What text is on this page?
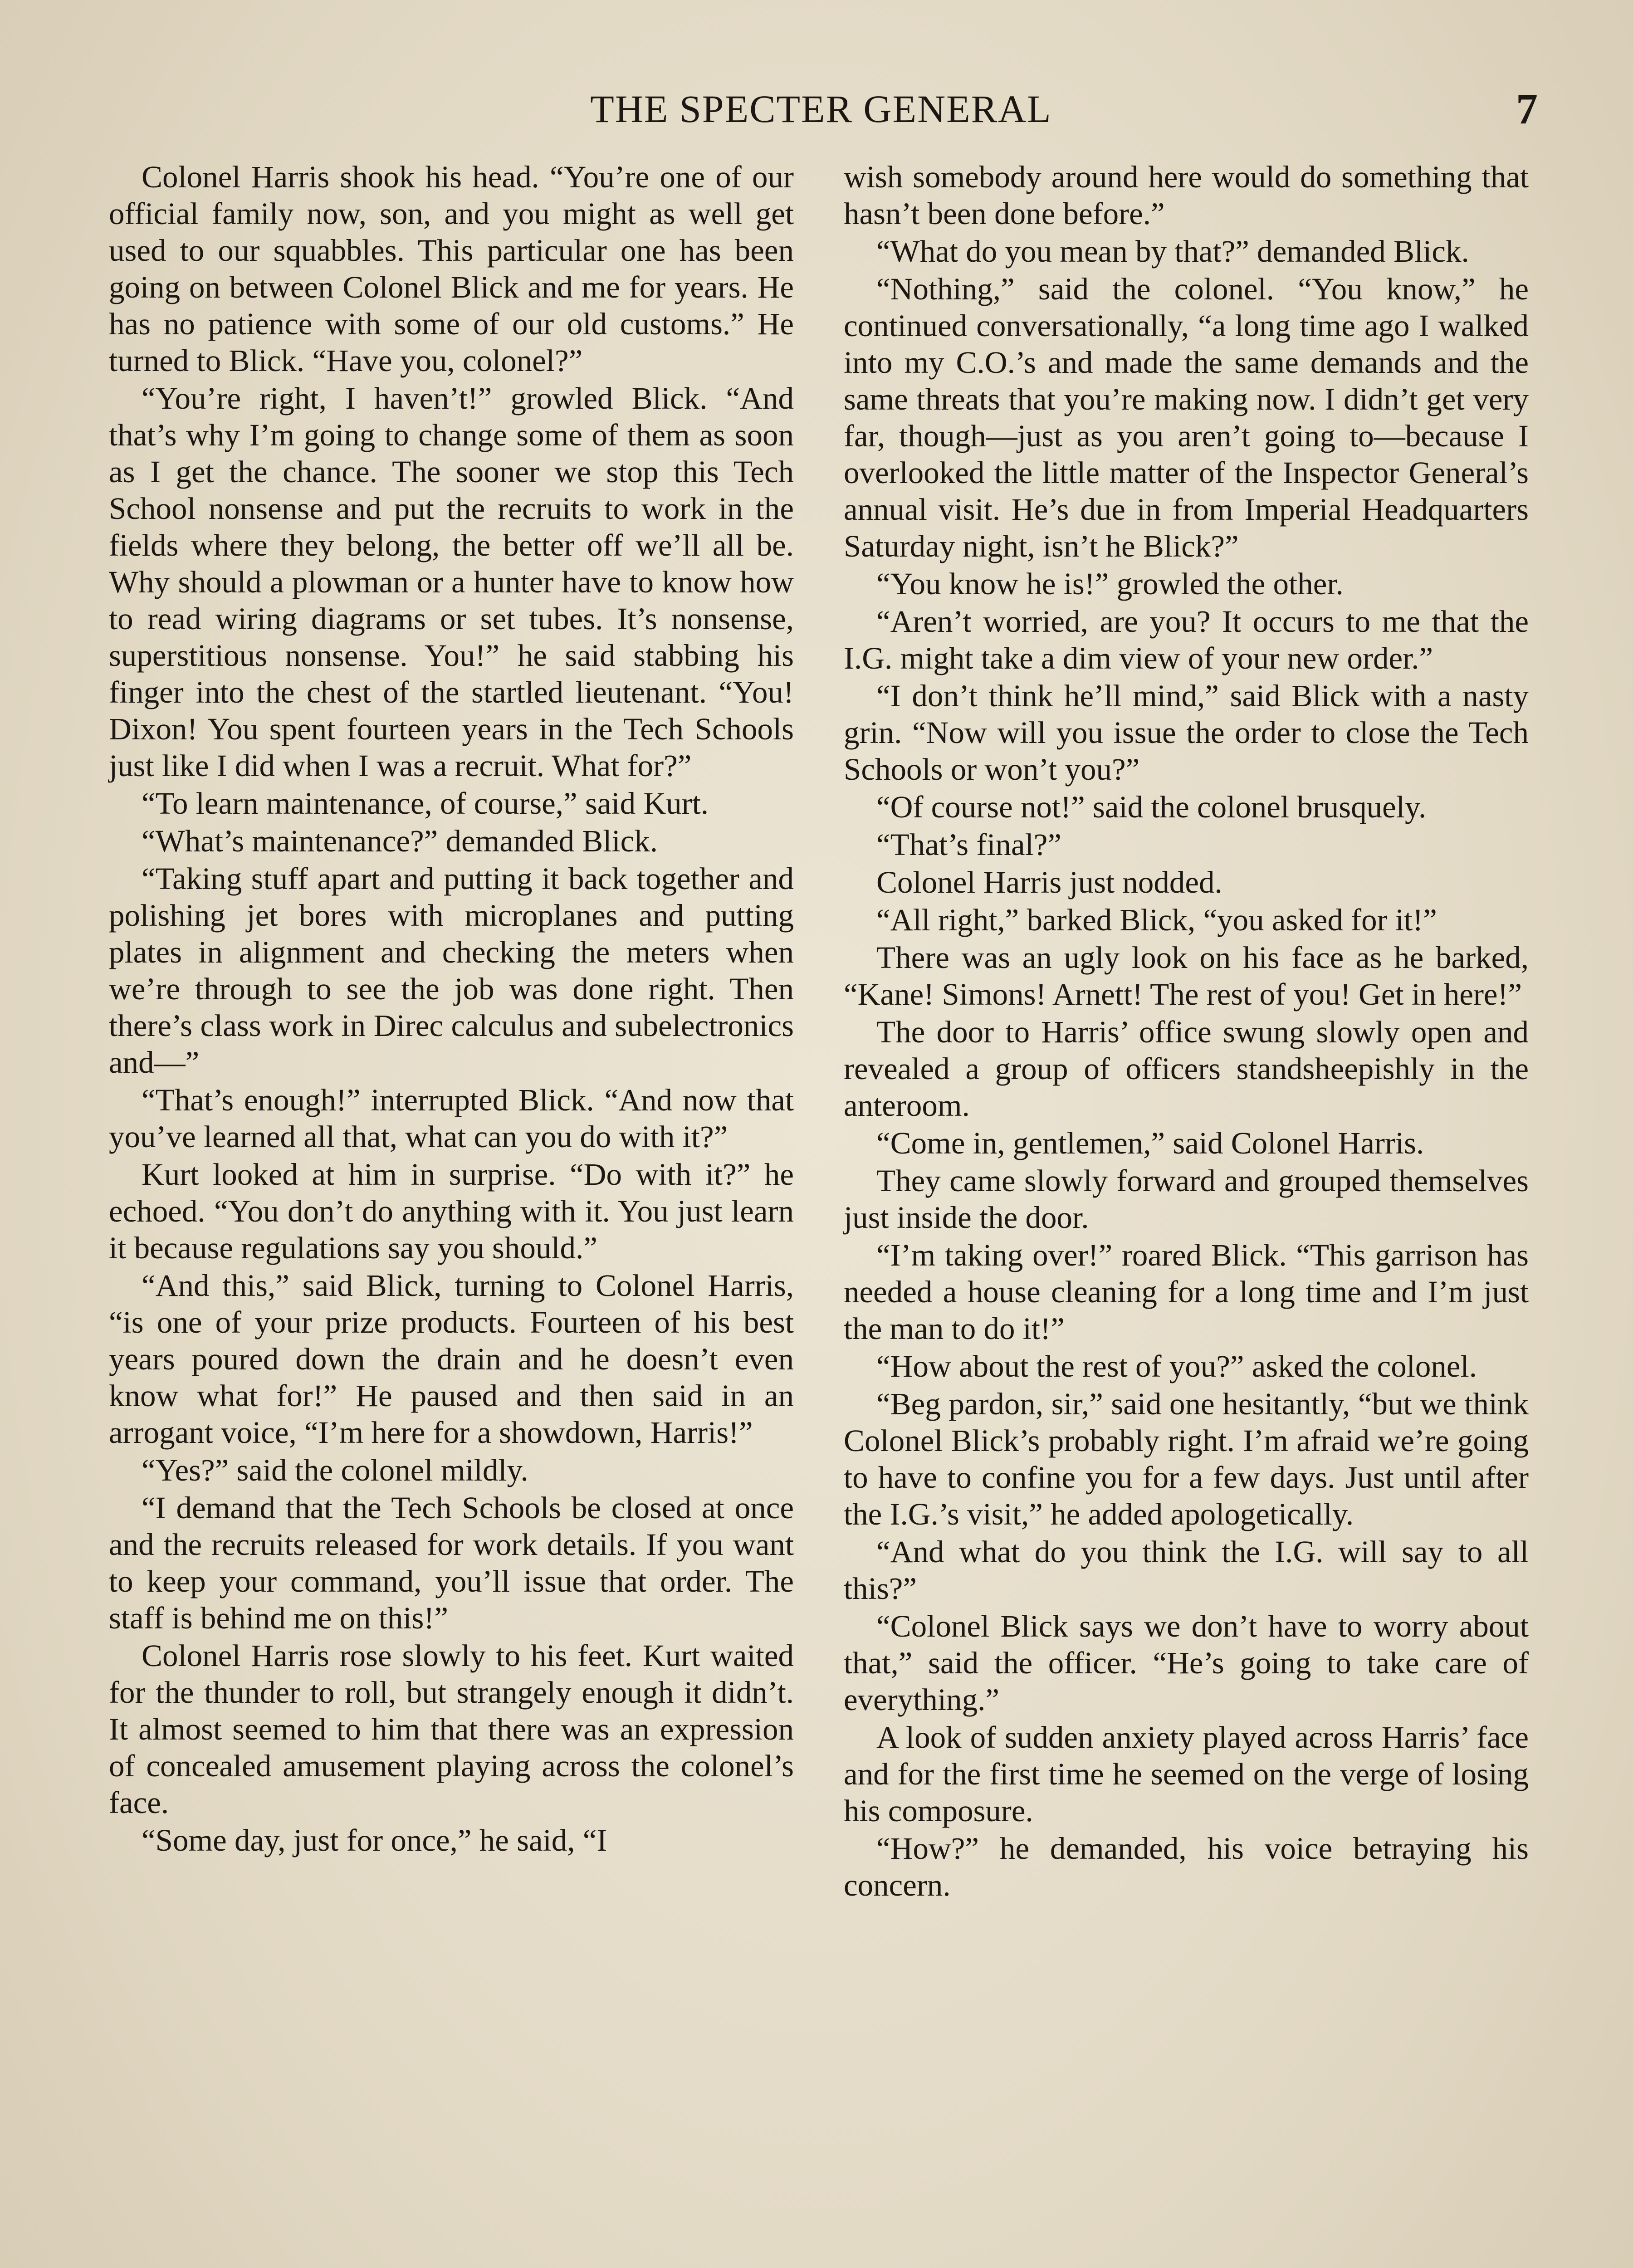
THE SPECTER GENERAL	7

Colonel Harris shook his head. “You’re one of our official family now, son, and you might as well get used to our squabbles. This particular one has been going on between Colonel Blick and me for years. He has no patience with some of our old customs.” He turned to Blick. “Have you, colonel?”

“You’re right, I haven’t!” growled Blick. “And that’s why I’m going to change some of them as soon as I get the chance. The sooner we stop this Tech School nonsense and put the recruits to work in the fields where they belong, the better off we’ll all be. Why should a plowman or a hunter have to know how to read wiring diagrams or set tubes. It’s nonsense, superstitious nonsense. You!” he said stabbing his finger into the chest of the startled lieutenant. “You! Dixon! You spent fourteen years in the Tech Schools just like I did when I was a recruit. What for?”

“To learn maintenance, of course,” said Kurt.

“What’s maintenance?” demanded Blick.

“Taking stuff apart and putting it back together and polishing jet bores with microplanes and putting plates in alignment and checking the meters when we’re through to see the job was done right. Then there’s class work in Direc calculus and subelectronics and—”

“That’s enough!” interrupted Blick. “And now that you’ve learned all that, what can you do with it?”

Kurt looked at him in surprise. “Do with it?” he echoed. “You don’t do anything with it. You just learn it because regulations say you should.”

“And this,” said Blick, turning to Colonel Harris, “is one of your prize products. Fourteen of his best years poured down the drain and he doesn’t even know what for!” He paused and then said in an arrogant voice, “I’m here for a showdown, Harris!”

“Yes?” said the colonel mildly.

“I demand that the Tech Schools be closed at once and the recruits released for work details. If you want to keep your command, you’ll issue that order. The staff is behind me on this!”

Colonel Harris rose slowly to his feet. Kurt waited for the thunder to roll, but strangely enough it didn’t. It almost seemed to him that there was an expression of concealed amusement playing across the colonel’s face.

“Some day, just for once,” he said, “I

wish somebody around here would do something that hasn’t been done before.”

“What do you mean by that?” demanded Blick.

“Nothing,” said the colonel. “You know,” he continued conversationally, “a long time ago I walked into my C.O.’s and made the same demands and the same threats that you’re making now. I didn’t get very far, though—just as you aren’t going to—because I overlooked the little matter of the Inspector General’s annual visit. He’s due in from Imperial Headquarters Saturday night, isn’t he Blick?”

“You know he is!” growled the other.

“Aren’t worried, are you? It occurs to me that the I.G. might take a dim view of your new order.”

“I don’t think he’ll mind,” said Blick with a nasty grin. “Now will you issue the order to close the Tech Schools or won’t you?”

“Of course not!” said the colonel brusquely.

“That’s final?”

Colonel Harris just nodded.

“All right,” barked Blick, “you asked for it!”

There was an ugly look on his face as he barked, “Kane! Simons! Arnett! The rest of you! Get in here!”

The door to Harris’ office swung slowly open and revealed a group of officers standsheepishly in the anteroom.

“Come in, gentlemen,” said Colonel Harris.

They came slowly forward and grouped themselves just inside the door.

“I’m taking over!” roared Blick. “This garrison has needed a house cleaning for a long time and I’m just the man to do it!”

“How about the rest of you?” asked the colonel.

“Beg pardon, sir,” said one hesitantly, “but we think Colonel Blick’s probably right. I’m afraid we’re going to have to confine you for a few days. Just until after the I.G.’s visit,” he added apologetically.

“And what do you think the I.G. will say to all this?”

“Colonel Blick says we don’t have to worry about that,” said the officer. “He’s going to take care of everything.”

A look of sudden anxiety played across Harris’ face and for the first time he seemed on the verge of losing his composure.

“How?” he demanded, his voice betraying his concern.
